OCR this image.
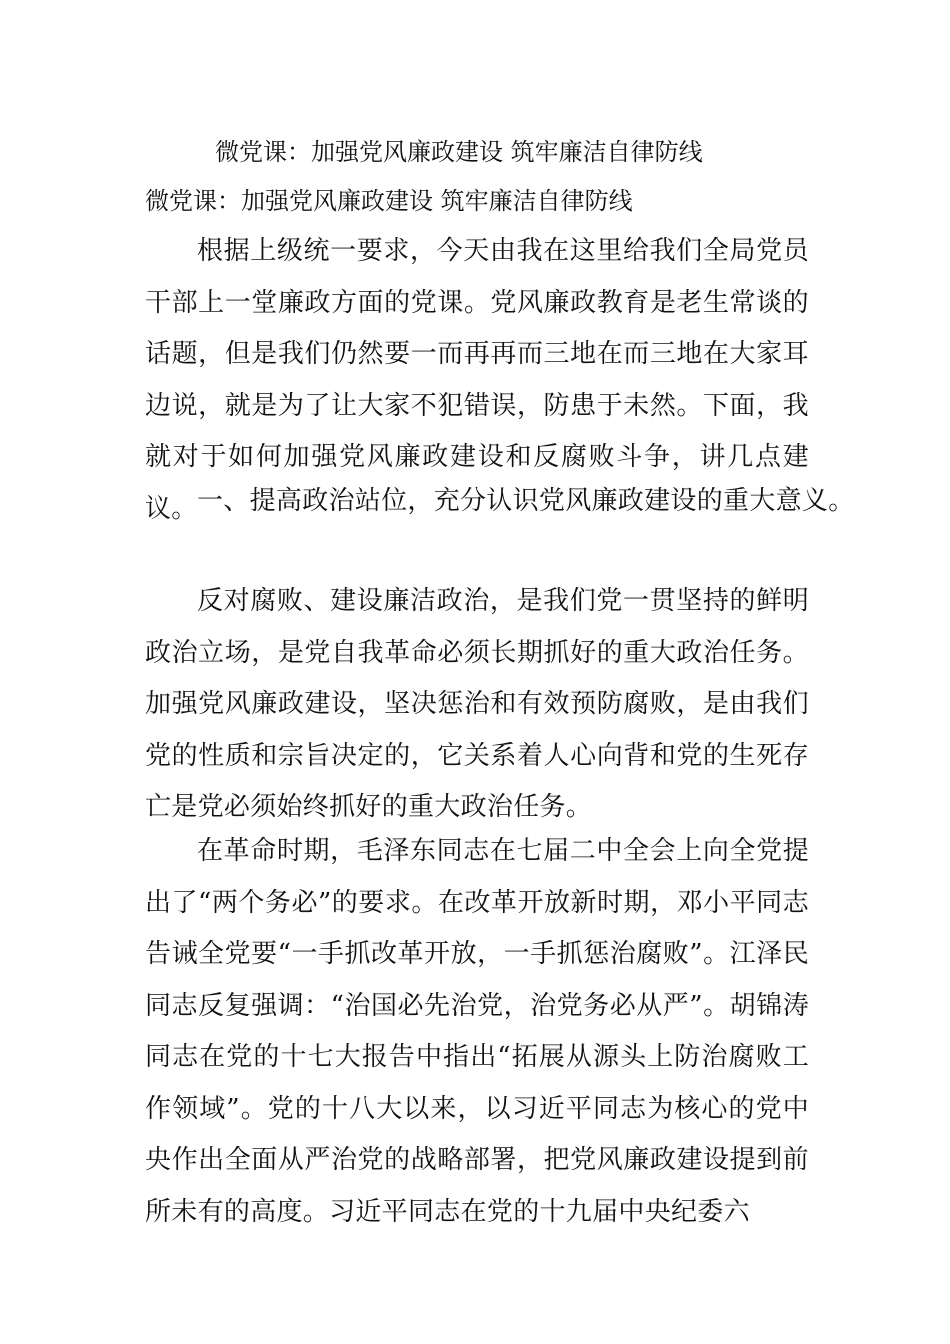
微党课：加强党风廉政建设 筑牢廉洁自律防线
微党课：加强党风廉政建设 筑牢廉洁自律防线

根据上级统一要求，今天由我在这里给我们全局党员干部上一堂廉政方面的党课。党风廉政教育是老生常谈的话题，但是我们仍然要一而再再而三地在而三地在大家耳边说，就是为了让大家不犯错误，防患于未然。下面，我就对于如何加强党风廉政建设和反腐败斗争，讲几点建议。 一、提高政治站位，充分认识党风廉政建设的重大意义。

反对腐败、建设廉洁政治，是我们党一贯坚持的鲜明政治立场，是党自我革命必须长期抓好的重大政治任务。加强党风廉政建设，坚决惩治和有效预防腐败，是由我们党的性质和宗旨决定的，它关系着人心向背和党的生死存亡是党必须始终抓好的重大政治任务。

在革命时期，毛泽东同志在七届二中全会上向全党提出了“两个务必”的要求。在改革开放新时期，邓小平同志告诫全党要“一手抓改革开放，一手抓惩治腐败”。江泽民同志反复强调：“治国必先治党，治党务必从严”。胡锦涛同志在党的十七大报告中指出“拓展从源头上防治腐败工作领域”。党的十八大以来，以习近平同志为核心的党中央作出全面从严治党的战略部署，把党风廉政建设提到前所未有的高度。习近平同志在党的十九届中央纪委六
